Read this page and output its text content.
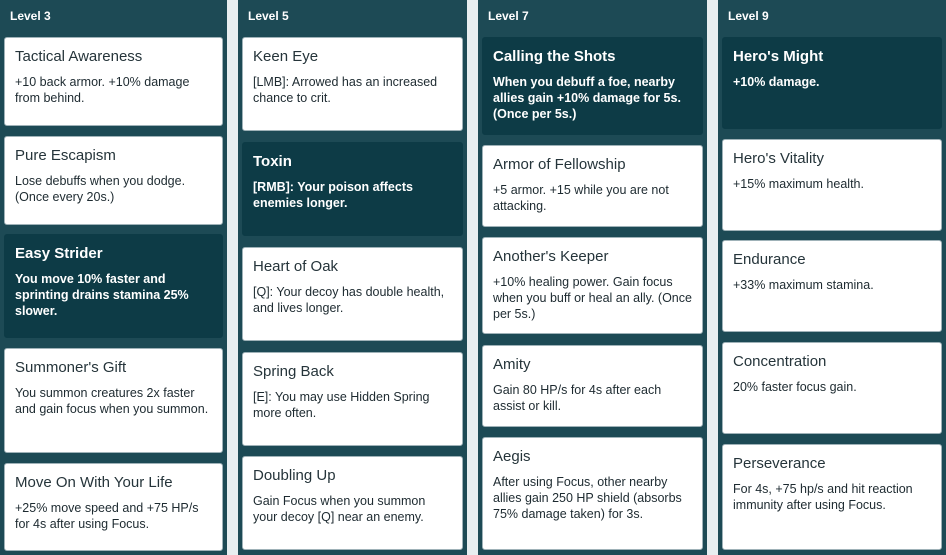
Level 3
Tactical Awareness
+10 back armor. +10% damage from behind.
Pure Escapism
Lose debuffs when you dodge. (Once every 20s.)
Easy Strider
You move 10% faster and sprinting drains stamina 25% slower.
Summoner's Gift
You summon creatures 2x faster and gain focus when you summon.
Move On With Your Life
+25% move speed and +75 HP/s for 4s after using Focus.
Level 5
Keen Eye
[LMB]: Arrowed has an increased chance to crit.
Toxin
[RMB]: Your poison affects enemies longer.
Heart of Oak
[Q]: Your decoy has double health, and lives longer.
Spring Back
[E]: You may use Hidden Spring more often.
Doubling Up
Gain Focus when you summon your decoy [Q] near an enemy.
Level 7
Calling the Shots
When you debuff a foe, nearby allies gain +10% damage for 5s. (Once per 5s.)
Armor of Fellowship
+5 armor. +15 while you are not attacking.
Another's Keeper
+10% healing power. Gain focus when you buff or heal an ally. (Once per 5s.)
Amity
Gain 80 HP/s for 4s after each assist or kill.
Aegis
After using Focus, other nearby allies gain 250 HP shield (absorbs 75% damage taken) for 3s.
Level 9
Hero's Might
+10% damage.
Hero's Vitality
+15% maximum health.
Endurance
+33% maximum stamina.
Concentration
20% faster focus gain.
Perseverance
For 4s, +75 hp/s and hit reaction immunity after using Focus.
